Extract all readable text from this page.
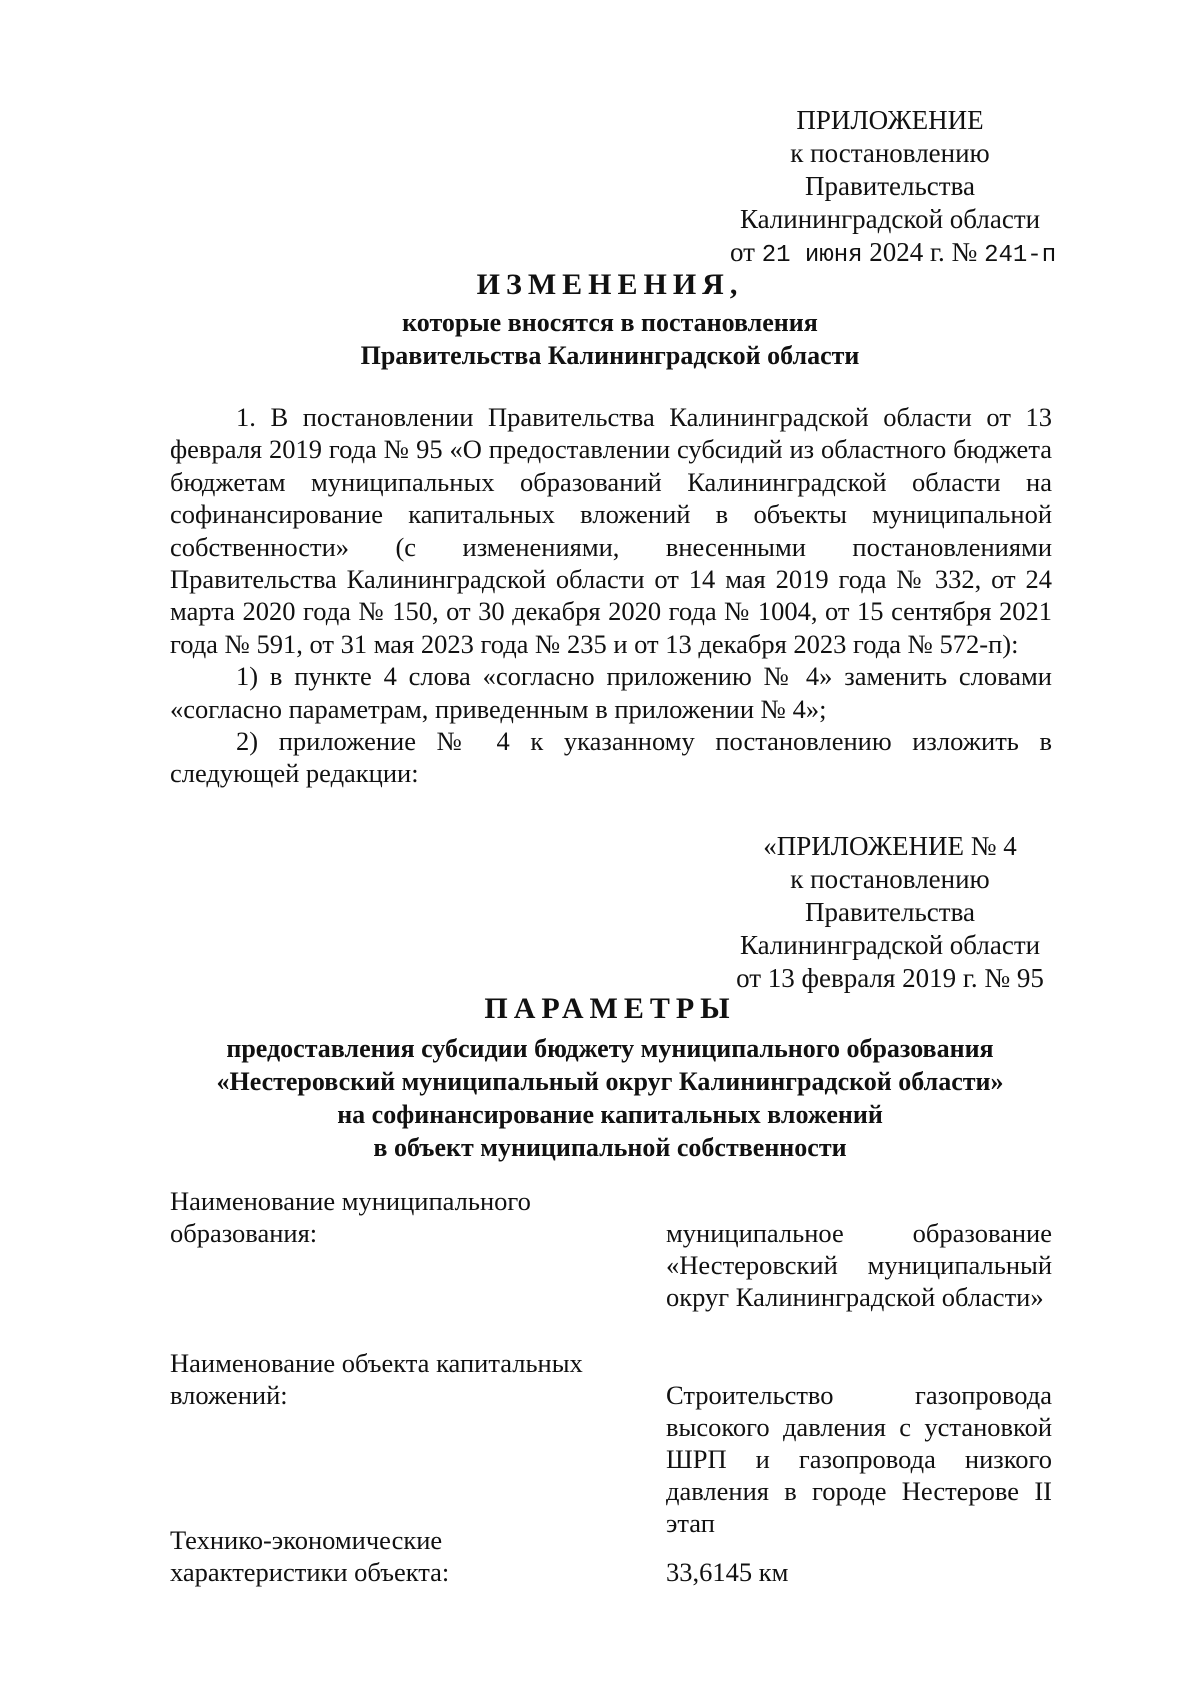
ПРИЛОЖЕНИЕ
к постановлению Правительства
Калининградской области
от 21 июня 2024 г. № 241-п
ИЗМЕНЕНИЯ,
которые вносятся в постановления
Правительства Калининградской области

1. В постановлении Правительства Калининградской области от 13 февраля 2019 года № 95 «О предоставлении субсидий из областного бюджета бюджетам муниципальных образований Калининградской области на софинансирование капитальных вложений в объекты муниципальной собственности» (с изменениями, внесенными постановлениями Правительства Калининградской области от 14 мая 2019 года № 332, от 24 марта 2020 года № 150, от 30 декабря 2020 года № 1004, от 15 сентября 2021 года № 591, от 31 мая 2023 года № 235 и от 13 декабря 2023 года № 572-п):

1) в пункте 4 слова «согласно приложению № 4» заменить словами «согласно параметрам, приведенным в приложении № 4»;

2) приложение № 4 к указанному постановлению изложить в следующей редакции:

«ПРИЛОЖЕНИЕ № 4
к постановлению Правительства
Калининградской области
от 13 февраля 2019 г. № 95
ПАРАМЕТРЫ
предоставления субсидии бюджету муниципального образования
«Нестеровский муниципальный округ Калининградской области»
на софинансирование капитальных вложений
в объект муниципальной собственности
Наименование муниципального
образования:	муниципальное образование «Нестеровский муниципальный округ Калининградской области»
Наименование объекта капитальных
вложений:	Строительство газопровода высокого давления с установкой ШРП и газопровода низкого давления в городе Нестерове II этап
Технико-экономические
характеристики объекта:	33,6145 км
